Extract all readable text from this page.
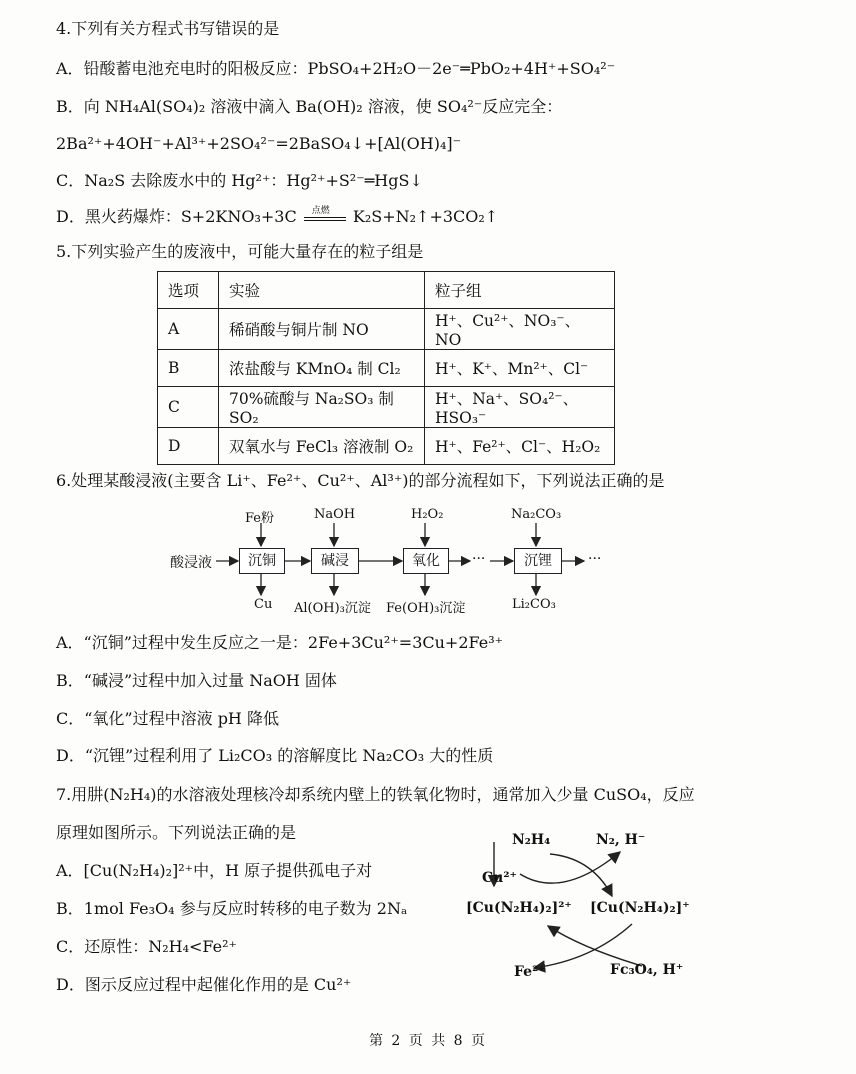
4.下列有关方程式书写错误的是
A．铅酸蓄电池充电时的阳极反应：PbSO₄+2H₂O－2e⁻═PbO₂+4H⁺+SO₄²⁻
B．向 NH₄Al(SO₄)₂ 溶液中滴入 Ba(OH)₂ 溶液，使 SO₄²⁻反应完全：
2Ba²⁺+4OH⁻+Al³⁺+2SO₄²⁻=2BaSO₄↓+[Al(OH)₄]⁻
C．Na₂S 去除废水中的 Hg²⁺：Hg²⁺+S²⁻═HgS↓
D．黑火药爆炸：S+2KNO₃+3C 点燃 K₂S+N₂↑+3CO₂↑
5.下列实验产生的废液中，可能大量存在的粒子组是
选项	实验	粒子组
A	稀硝酸与铜片制 NO	H⁺、Cu²⁺、NO₃⁻、NO
B	浓盐酸与 KMnO₄ 制 Cl₂	H⁺、K⁺、Mn²⁺、Cl⁻
C	70%硫酸与 Na₂SO₃ 制 SO₂	H⁺、Na⁺、SO₄²⁻、HSO₃⁻
D	双氧水与 FeCl₃ 溶液制 O₂	H⁺、Fe²⁺、Cl⁻、H₂O₂
6.处理某酸浸液(主要含 Li⁺、Fe²⁺、Cu²⁺、Al³⁺)的部分流程如下，下列说法正确的是
酸浸液	沉铜	碱浸	氧化	沉锂
···	···
Fe粉	NaOH	H₂O₂	Na₂CO₃
Cu Al(OH)₃沉淀 Fe(OH)₃沉淀	Li₂CO₃
A．“沉铜”过程中发生反应之一是：2Fe+3Cu²⁺=3Cu+2Fe³⁺
B．“碱浸”过程中加入过量 NaOH 固体
C．“氧化”过程中溶液 pH 降低
D．“沉锂”过程利用了 Li₂CO₃ 的溶解度比 Na₂CO₃ 大的性质
7.用肼(N₂H₄)的水溶液处理核冷却系统内壁上的铁氧化物时，通常加入少量 CuSO₄，反应
原理如图所示。下列说法正确的是
A．[Cu(N₂H₄)₂]²⁺中，H 原子提供孤电子对
B．1mol Fe₃O₄ 参与反应时转移的电子数为 2Nₐ
C．还原性：N₂H₄<Fe²⁺
D．图示反应过程中起催化作用的是 Cu²⁺
N₂H₄	N₂, H⁻
Cu²⁺
[Cu(N₂H₄)₂]²⁺ [Cu(N₂H₄)₂]⁺
Fe²⁺	Fc₃O₄, H⁺
第 2 页 共 8 页
